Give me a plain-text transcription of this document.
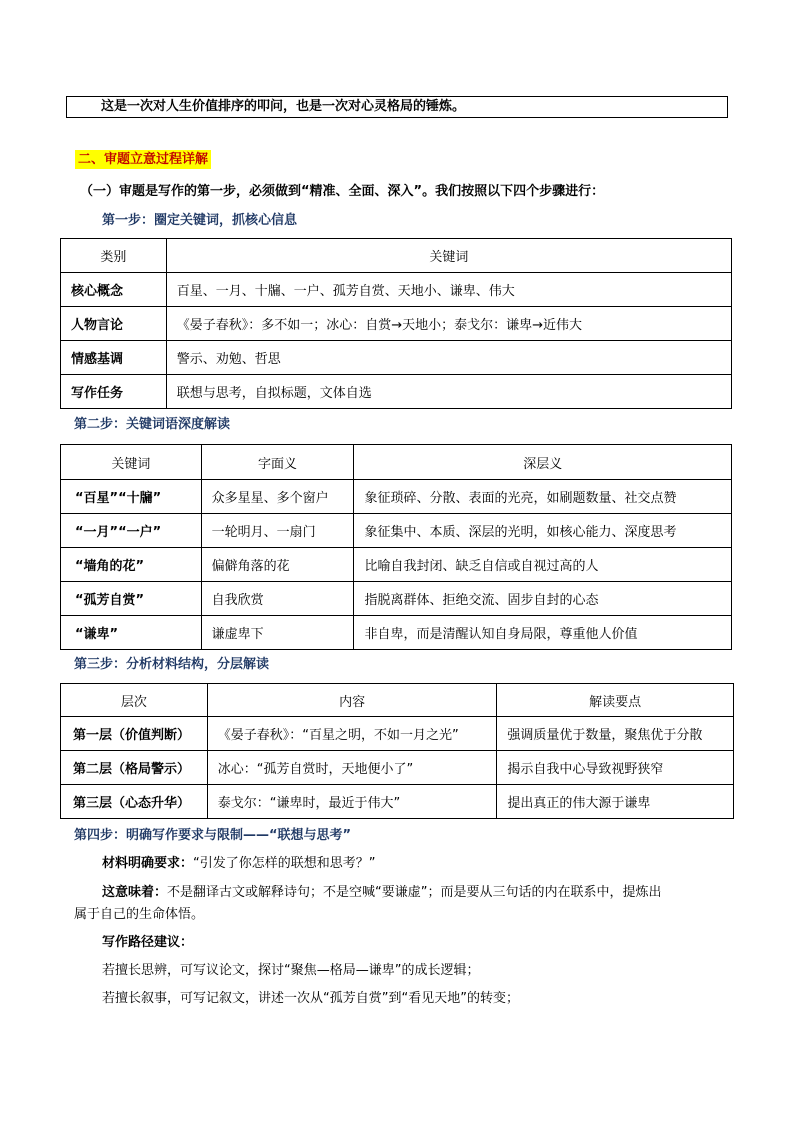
这是一次对人生价值排序的叩问，也是一次对心灵格局的锤炼。
二、审题立意过程详解
（一）审题是写作的第一步，必须做到“精准、全面、深入”。我们按照以下四个步骤进行：
第一步：圈定关键词，抓核心信息
类别	关键词
核心概念	百星、一月、十牖、一户、孤芳自赏、天地小、谦卑、伟大
人物言论	《晏子春秋》：多不如一；冰心：自赏→天地小；泰戈尔：谦卑→近伟大
情感基调	警示、劝勉、哲思
写作任务	联想与思考，自拟标题，文体自选
第二步：关键词语深度解读
关键词	字面义	深层义
“百星”“十牖”	众多星星、多个窗户	象征琐碎、分散、表面的光亮，如刷题数量、社交点赞
“一月”“一户”	一轮明月、一扇门	象征集中、本质、深层的光明，如核心能力、深度思考
“墙角的花”	偏僻角落的花	比喻自我封闭、缺乏自信或自视过高的人
“孤芳自赏”	自我欣赏	指脱离群体、拒绝交流、固步自封的心态
“谦卑”	谦虚卑下	非自卑，而是清醒认知自身局限，尊重他人价值
第三步：分析材料结构，分层解读
层次	内容	解读要点
第一层（价值判断）	《晏子春秋》：“百星之明，不如一月之光”	强调质量优于数量，聚焦优于分散
第二层（格局警示）	冰心：“孤芳自赏时，天地便小了”	揭示自我中心导致视野狭窄
第三层（心态升华）	泰戈尔：“谦卑时，最近于伟大”	提出真正的伟大源于谦卑
第四步：明确写作要求与限制——“联想与思考”
材料明确要求：“引发了你怎样的联想和思考？”
这意味着：不是翻译古文或解释诗句；不是空喊“要谦虚”；而是要从三句话的内在联系中，提炼出
属于自己的生命体悟。
写作路径建议：
若擅长思辨，可写议论文，探讨“聚焦—格局—谦卑”的成长逻辑；
若擅长叙事，可写记叙文，讲述一次从“孤芳自赏”到“看见天地”的转变；
